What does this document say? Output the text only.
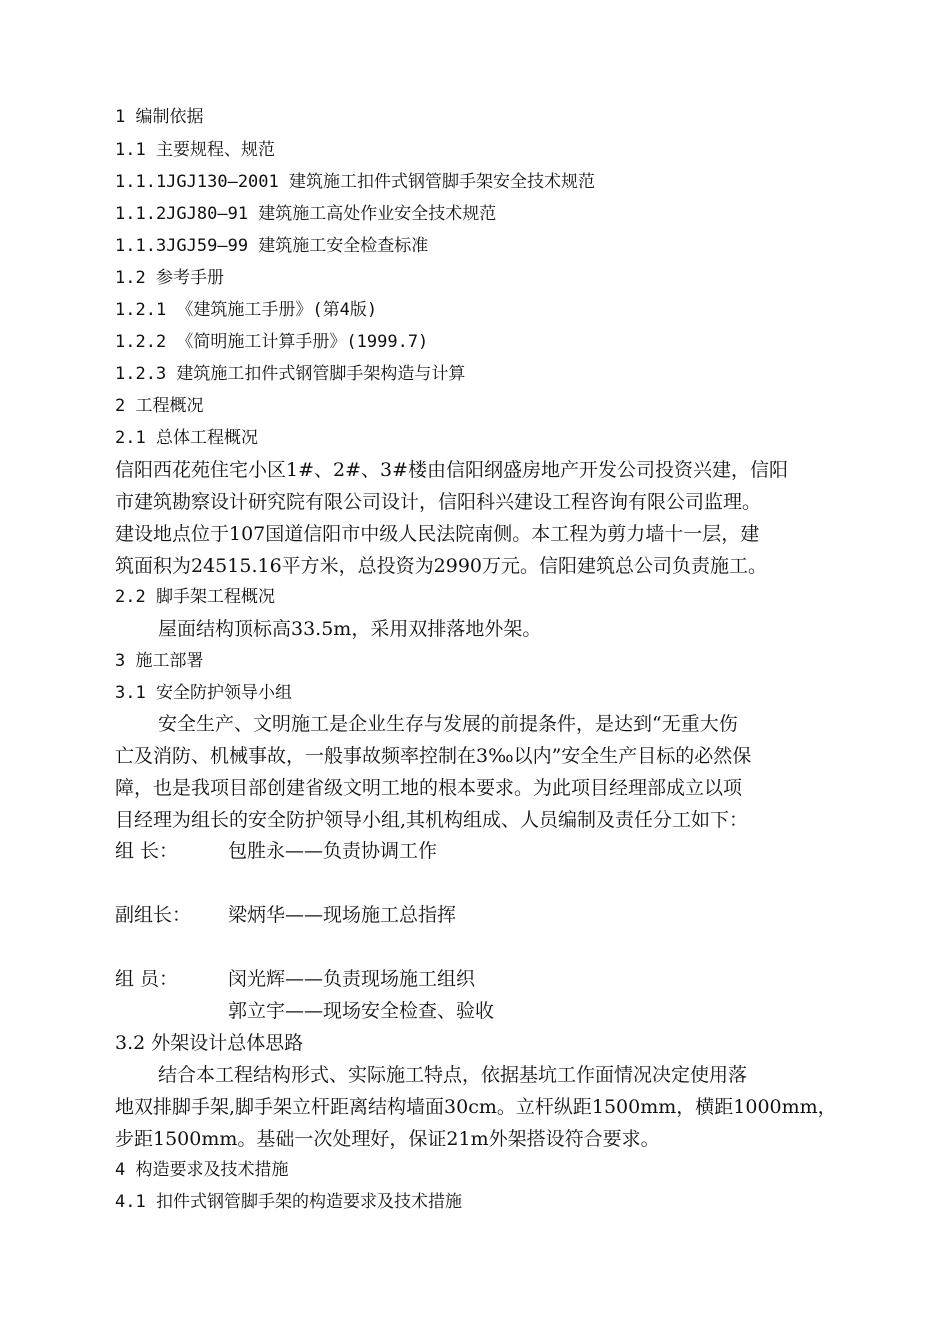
1 编制依据
1.1 主要规程、规范
1.1.1JGJ130—2001 建筑施工扣件式钢管脚手架安全技术规范
1.1.2JGJ80—91 建筑施工高处作业安全技术规范
1.1.3JGJ59—99 建筑施工安全检查标准
1.2 参考手册
1.2.1 《建筑施工手册》(第4版)
1.2.2 《简明施工计算手册》(1999.7)
1.2.3 建筑施工扣件式钢管脚手架构造与计算
2 工程概况
2.1 总体工程概况

信阳西花苑住宅小区1#、2#、3#楼由信阳纲盛房地产开发公司投资兴建，信阳

市建筑勘察设计研究院有限公司设计，信阳科兴建设工程咨询有限公司监理。

建设地点位于107国道信阳市中级人民法院南侧。本工程为剪力墙十一层，建

筑面积为24515.16平方米，总投资为2990万元。信阳建筑总公司负责施工。

2.2 脚手架工程概况
屋面结构顶标高33.5m，采用双排落地外架。
3 施工部署
3.1 安全防护领导小组

安全生产、文明施工是企业生存与发展的前提条件，是达到“无重大伤

亡及消防、机械事故，一般事故频率控制在3‰以内”安全生产目标的必然保

障，也是我项目部创建省级文明工地的根本要求。为此项目经理部成立以项

目经理为组长的安全防护领导小组,其机构组成、人员编制及责任分工如下：

组 长：	包胜永——负责协调工作
副组长： 梁炳华——现场施工总指挥
组 员：	闵光辉——负责现场施工组织
郭立宇——现场安全检查、验收
3.2 外架设计总体思路

结合本工程结构形式、实际施工特点，依据基坑工作面情况决定使用落

地双排脚手架,脚手架立杆距离结构墙面30cm。立杆纵距1500mm，横距1000mm，

步距1500mm。基础一次处理好，保证21m外架搭设符合要求。

4 构造要求及技术措施
4.1 扣件式钢管脚手架的构造要求及技术措施
